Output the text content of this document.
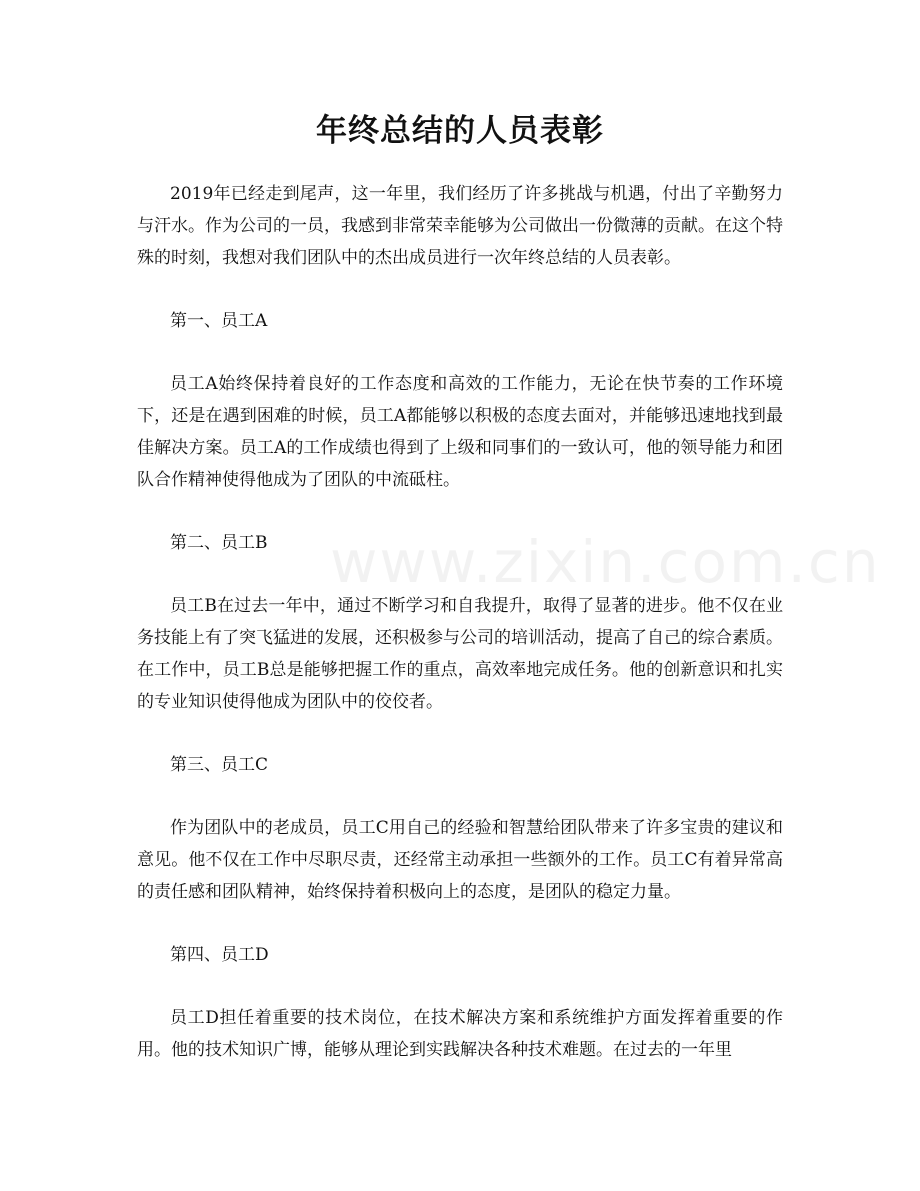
www.zixin.com.cn
年终总结的人员表彰

2019年已经走到尾声，这一年里，我们经历了许多挑战与机遇，付出了辛勤努力与汗水。作为公司的一员，我感到非常荣幸能够为公司做出一份微薄的贡献。在这个特殊的时刻，我想对我们团队中的杰出成员进行一次年终总结的人员表彰。

第一、员工A

员工A始终保持着良好的工作态度和高效的工作能力，无论在快节奏的工作环境下，还是在遇到困难的时候，员工A都能够以积极的态度去面对，并能够迅速地找到最佳解决方案。员工A的工作成绩也得到了上级和同事们的一致认可，他的领导能力和团队合作精神使得他成为了团队的中流砥柱。

第二、员工B

员工B在过去一年中，通过不断学习和自我提升，取得了显著的进步。他不仅在业务技能上有了突飞猛进的发展，还积极参与公司的培训活动，提高了自己的综合素质。在工作中，员工B总是能够把握工作的重点，高效率地完成任务。他的创新意识和扎实的专业知识使得他成为团队中的佼佼者。

第三、员工C

作为团队中的老成员，员工C用自己的经验和智慧给团队带来了许多宝贵的建议和意见。他不仅在工作中尽职尽责，还经常主动承担一些额外的工作。员工C有着异常高的责任感和团队精神，始终保持着积极向上的态度，是团队的稳定力量。

第四、员工D

员工D担任着重要的技术岗位，在技术解决方案和系统维护方面发挥着重要的作用。他的技术知识广博，能够从理论到实践解决各种技术难题。在过去的一年里
